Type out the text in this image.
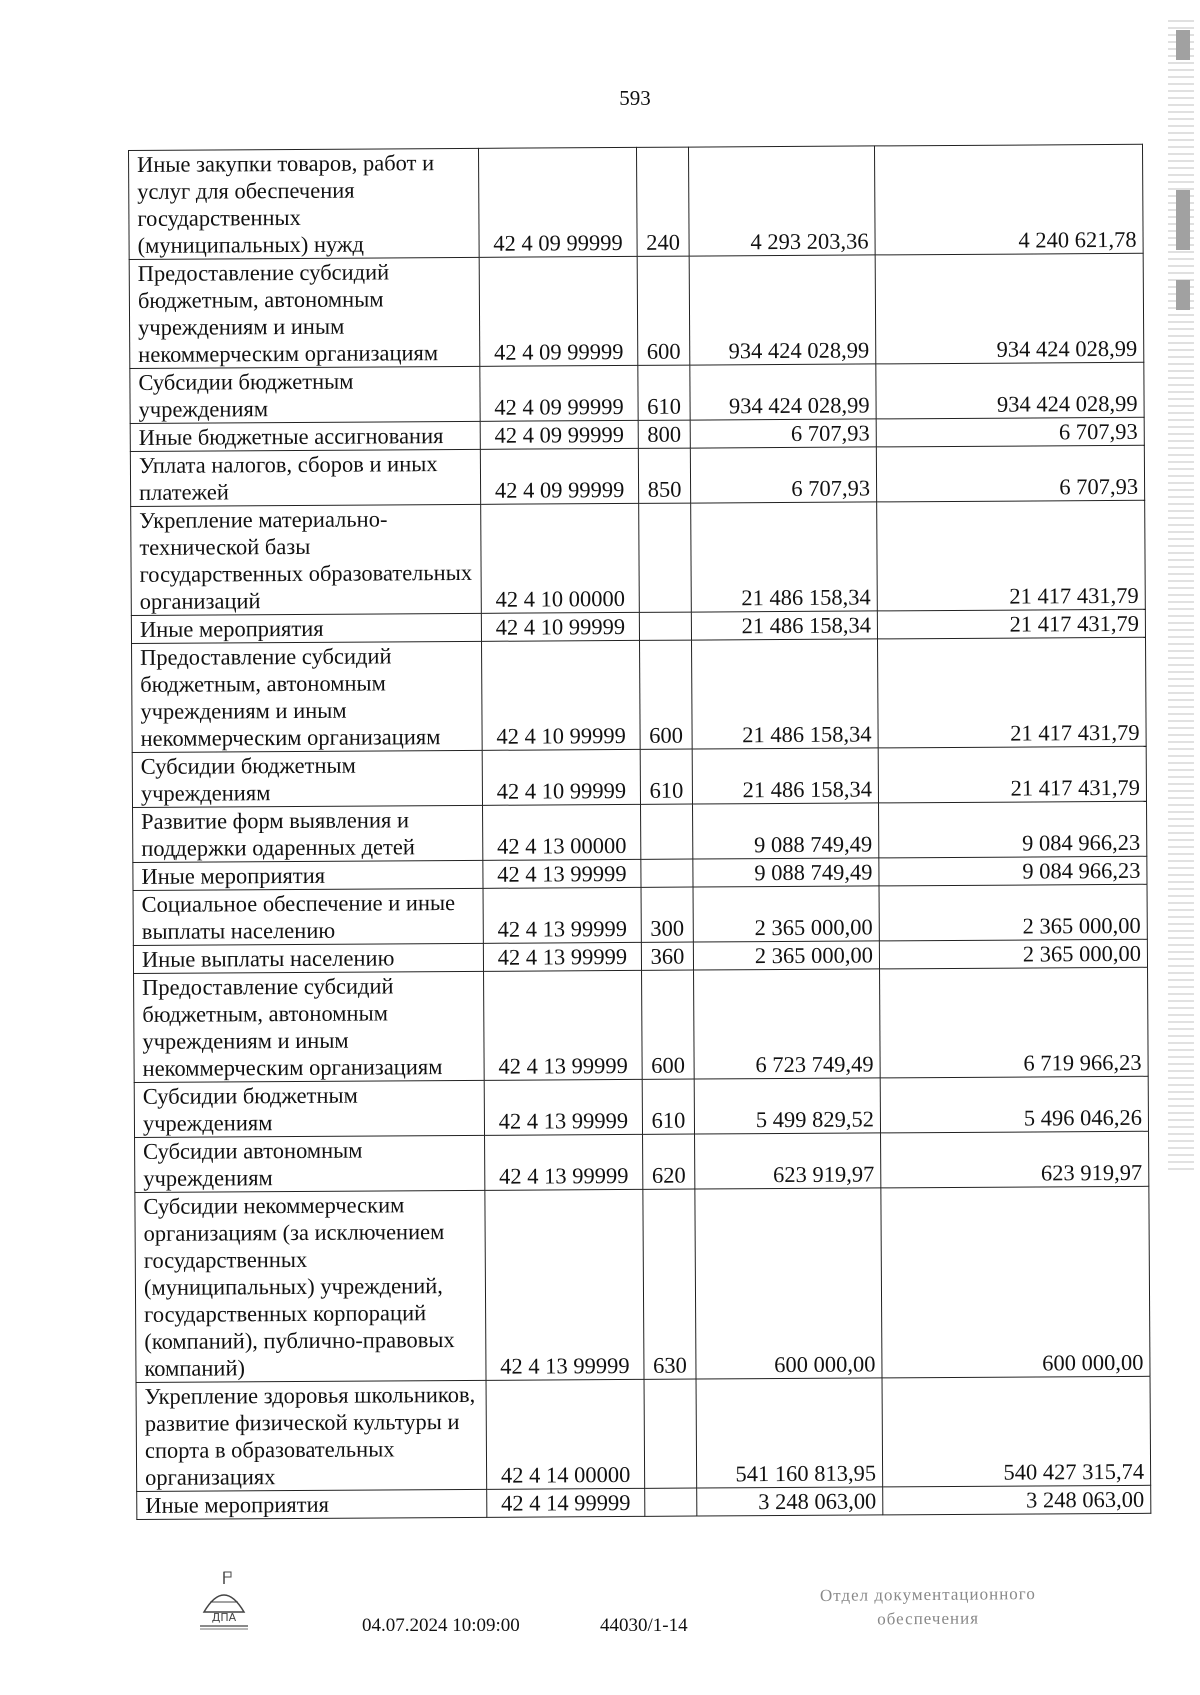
593
Иные закупки товаров, работ и услуг для обеспечения государственных (муниципальных) нужд	42 4 09 99999	240	4 293 203,36	4 240 621,78
Предоставление субсидий бюджетным, автономным учреждениям и иным некоммерческим организациям	42 4 09 99999	600	934 424 028,99	934 424 028,99
Субсидии бюджетным учреждениям	42 4 09 99999	610	934 424 028,99	934 424 028,99
Иные бюджетные ассигнования	42 4 09 99999	800	6 707,93	6 707,93
Уплата налогов, сборов и иных платежей	42 4 09 99999	850	6 707,93	6 707,93
Укрепление материально-технической базы государственных образовательных организаций	42 4 10 00000		21 486 158,34	21 417 431,79
Иные мероприятия	42 4 10 99999		21 486 158,34	21 417 431,79
Предоставление субсидий бюджетным, автономным учреждениям и иным некоммерческим организациям	42 4 10 99999	600	21 486 158,34	21 417 431,79
Субсидии бюджетным учреждениям	42 4 10 99999	610	21 486 158,34	21 417 431,79
Развитие форм выявления и поддержки одаренных детей	42 4 13 00000		9 088 749,49	9 084 966,23
Иные мероприятия	42 4 13 99999		9 088 749,49	9 084 966,23
Социальное обеспечение и иные выплаты населению	42 4 13 99999	300	2 365 000,00	2 365 000,00
Иные выплаты населению	42 4 13 99999	360	2 365 000,00	2 365 000,00
Предоставление субсидий бюджетным, автономным учреждениям и иным некоммерческим организациям	42 4 13 99999	600	6 723 749,49	6 719 966,23
Субсидии бюджетным учреждениям	42 4 13 99999	610	5 499 829,52	5 496 046,26
Субсидии автономным учреждениям	42 4 13 99999	620	623 919,97	623 919,97
Субсидии некоммерческим организациям (за исключением государственных (муниципальных) учреждений, государственных корпораций (компаний), публично-правовых компаний)	42 4 13 99999	630	600 000,00	600 000,00
Укрепление здоровья школьников, развитие физической культуры и спорта в образовательных организациях	42 4 14 00000		541 160 813,95	540 427 315,74
Иные мероприятия	42 4 14 99999		3 248 063,00	3 248 063,00
ДПА	04.07.2024 10:09:00	44030/1-14
Отдел документационного
обеспечения
